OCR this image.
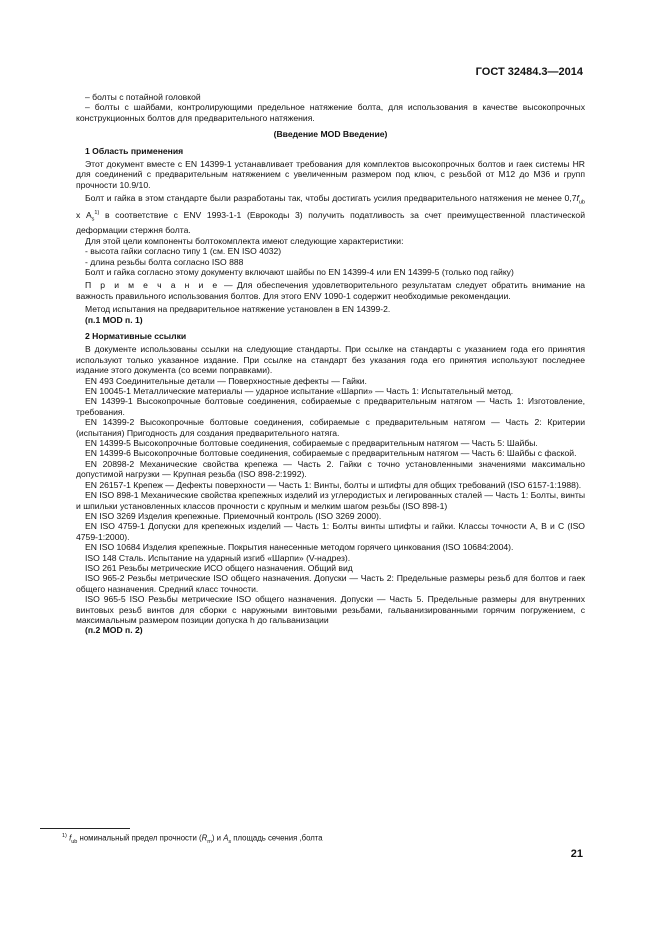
ГОСТ 32484.3—2014

– болты с потайной головкой

– болты с шайбами, контролирующими предельное натяжение болта, для использования в качестве высокопрочных конструкционных болтов для предварительного натяжения.

(Введение MOD Введение)

1 Область применения

Этот документ вместе с EN 14399-1 устанавливает требования для комплектов высокопрочных болтов и гаек системы HR для соединений с предварительным натяжением с увеличенным размером под ключ, с резьбой от М12 до М36 и групп прочности 10.9/10.

Болт и гайка в этом стандарте были разработаны так, чтобы достигать усилия предварительного натяжения не менее $0,7f_{ub}$ х $A_s^{1)}$ в соответствие с ENV 1993-1-1 (Еврокоды 3) получить податливость за счет преимущественной пластической деформации стержня болта.

Для этой цели компоненты болтокомплекта имеют следующие характеристики:

- высота гайки согласно типу 1 (см. EN ISO 4032)

- длина резьбы болта согласно ISO 888

Болт и гайка согласно этому документу включают шайбы по EN 14399-4 или EN 14399-5 (только под гайку)

П р и м е ч а н и е — Для обеспечения удовлетворительного результатам следует обратить внимание на важность правильного использования болтов. Для этого ENV 1090-1 содержит необходимые рекомендации.

Метод испытания на предварительное натяжение установлен в EN 14399-2.

(п.1 MOD п. 1)

2 Нормативные ссылки

В документе использованы ссылки на следующие стандарты. При ссылке на стандарты с указанием года его принятия используют только указанное издание. При ссылке на стандарт без указания года его принятия используют последнее издание этого документа (со всеми поправками).

EN 493 Соединительные детали — Поверхностные дефекты — Гайки.

EN 10045-1 Металлические материалы — ударное испытание «Шарпи» — Часть 1: Испытательный метод.

EN 14399-1 Высокопрочные болтовые соединения, собираемые с предварительным натягом — Часть 1: Изготовление, требования.

EN 14399-2 Высокопрочные болтовые соединения, собираемые с предварительным натягом — Часть 2: Критерии (испытания) Пригодность для создания предварительного натяга.

EN 14399-5 Высокопрочные болтовые соединения, собираемые с предварительным натягом — Часть 5: Шайбы.

EN 14399-6 Высокопрочные болтовые соединения, собираемые с предварительным натягом — Часть 6: Шайбы с фаской.

EN 20898-2 Механические свойства крепежа — Часть 2. Гайки с точно установленными значениями максимально допустимой нагрузки — Крупная резьба (ISO 898-2:1992).

EN 26157-1 Крепеж — Дефекты поверхности — Часть 1: Винты, болты и штифты для общих требований (ISO 6157-1:1988).

EN ISO 898-1 Механические свойства крепежных изделий из углеродистых и легированных сталей — Часть 1: Болты, винты и шпильки установленных классов прочности с крупным и мелким шагом резьбы (ISO 898-1)

EN ISO 3269 Изделия крепежные. Приемочный контроль (ISO 3269 2000).

EN ISO 4759-1 Допуски для крепежных изделий — Часть 1: Болты винты штифты и гайки. Классы точности А, В и С (ISO 4759-1:2000).

EN ISO 10684 Изделия крепежные. Покрытия нанесенные методом горячего цинкования (ISO 10684:2004).

ISO 148 Сталь. Испытание на ударный изгиб «Шарпи» (V-надрез).

ISO 261 Резьбы метрические ИСО общего назначения. Общий вид

ISO 965-2 Резьбы метрические ISO общего назначения. Допуски — Часть 2: Предельные размеры резьб для болтов и гаек общего назначения. Средний класс точности.

ISO 965-5 ISO Резьбы метрические ISO общего назначения. Допуски — Часть 5. Предельные размеры для внутренних винтовых резьб винтов для сборки с наружными винтовыми резьбами, гальванизированными горячим погружением, с максимальным размером позиции допуска h до гальванизации

(п.2 MOD п. 2)

$^{1)}$ $f_{ub}$ номинальный предел прочности $(R_m)$ и $A_s$ площадь сечения ,болта
21
